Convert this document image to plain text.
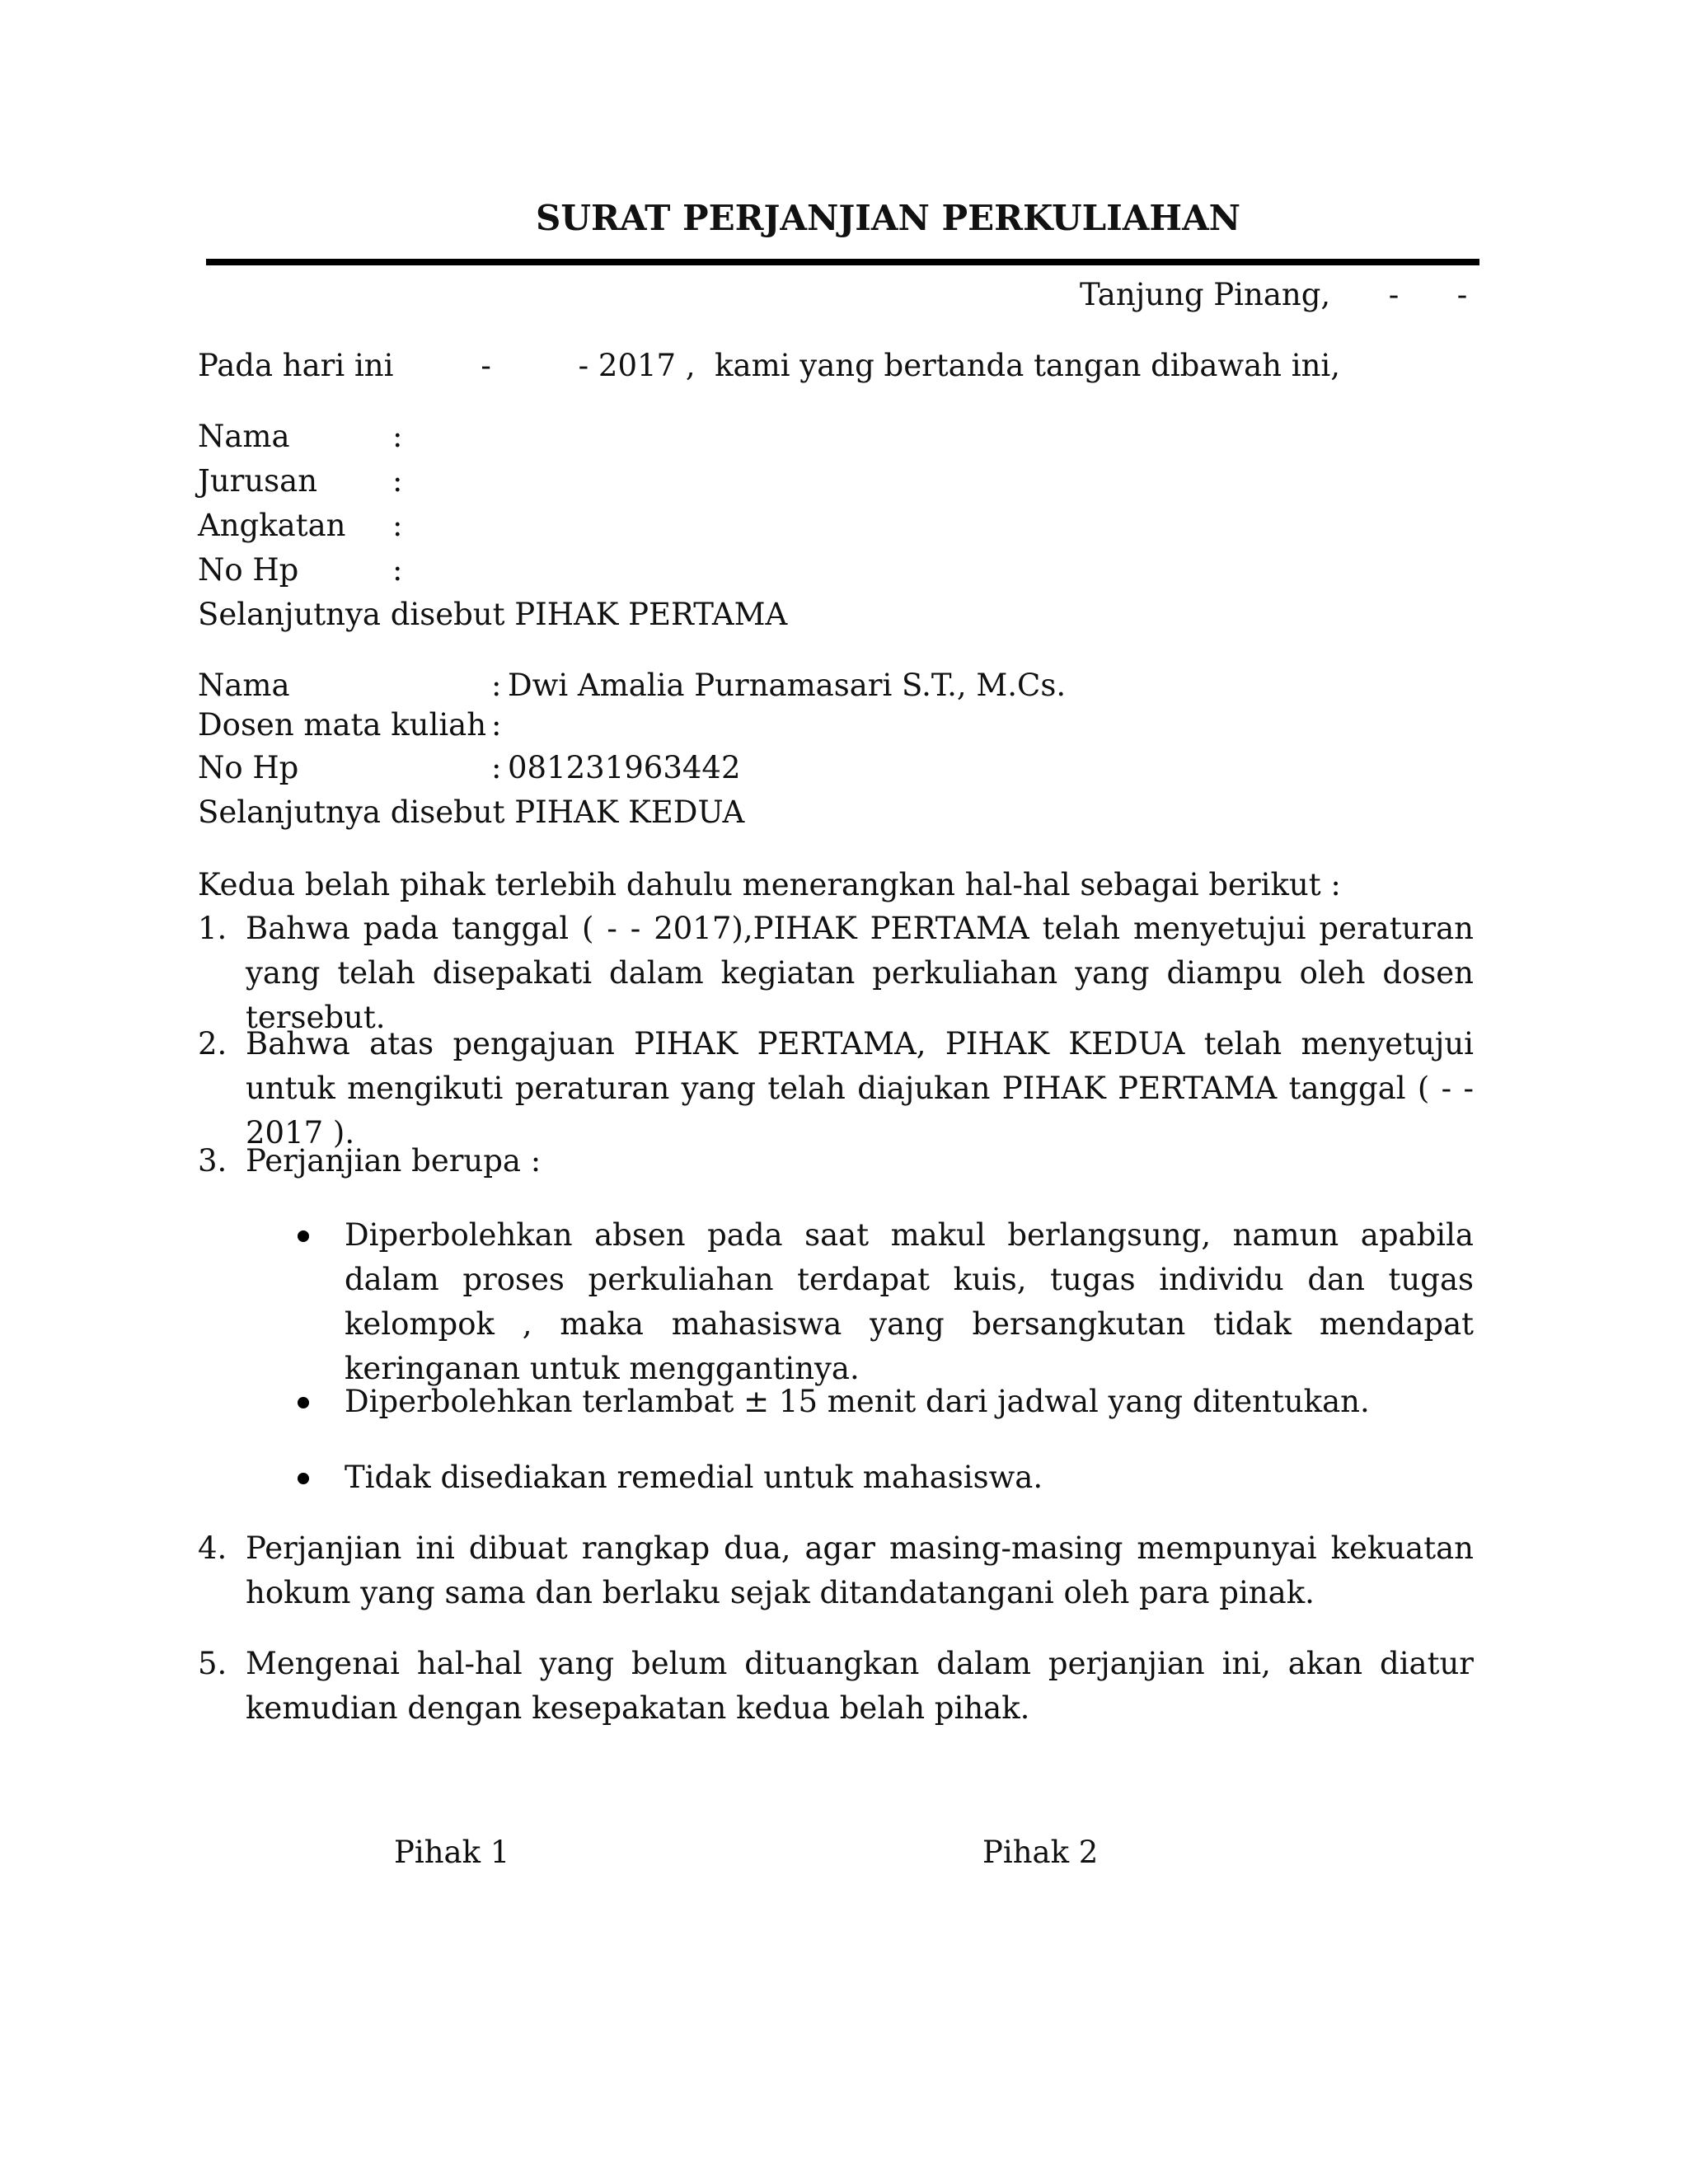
SURAT PERJANJIAN PERKULIAHAN
Tanjung Pinang,      -      -
Pada hari ini         -         - 2017 ,  kami yang bertanda tangan dibawah ini,
Nama	:
Jurusan :
Angkatan :
No Hp	:
Selanjutnya disebut PIHAK PERTAMA
Nama	: Dwi Amalia Purnamasari S.T., M.Cs.
Dosen mata kuliah :
No Hp	: 081231963442
Selanjutnya disebut PIHAK KEDUA
Kedua belah pihak terlebih dahulu menerangkan hal-hal sebagai berikut :
1. Bahwa pada tanggal ( - - 2017),PIHAK PERTAMA telah menyetujui peraturan yang telah disepakati dalam kegiatan perkuliahan yang diampu oleh dosen tersebut.
2. Bahwa atas pengajuan PIHAK PERTAMA, PIHAK KEDUA telah menyetujui untuk mengikuti peraturan yang telah diajukan PIHAK PERTAMA tanggal ( - - 2017 ).
3. Perjanjian berupa :
Diperbolehkan absen pada saat makul berlangsung, namun apabila dalam proses perkuliahan terdapat kuis, tugas individu dan tugas kelompok , maka mahasiswa yang bersangkutan tidak mendapat keringanan untuk menggantinya.
Diperbolehkan terlambat ± 15 menit dari jadwal yang ditentukan.
Tidak disediakan remedial untuk mahasiswa.
4. Perjanjian ini dibuat rangkap dua, agar masing-masing mempunyai kekuatan hokum yang sama dan berlaku sejak ditandatangani oleh para pinak.
5. Mengenai hal-hal yang belum dituangkan dalam perjanjian ini, akan diatur kemudian dengan kesepakatan kedua belah pihak.
Pihak 1	Pihak 2
